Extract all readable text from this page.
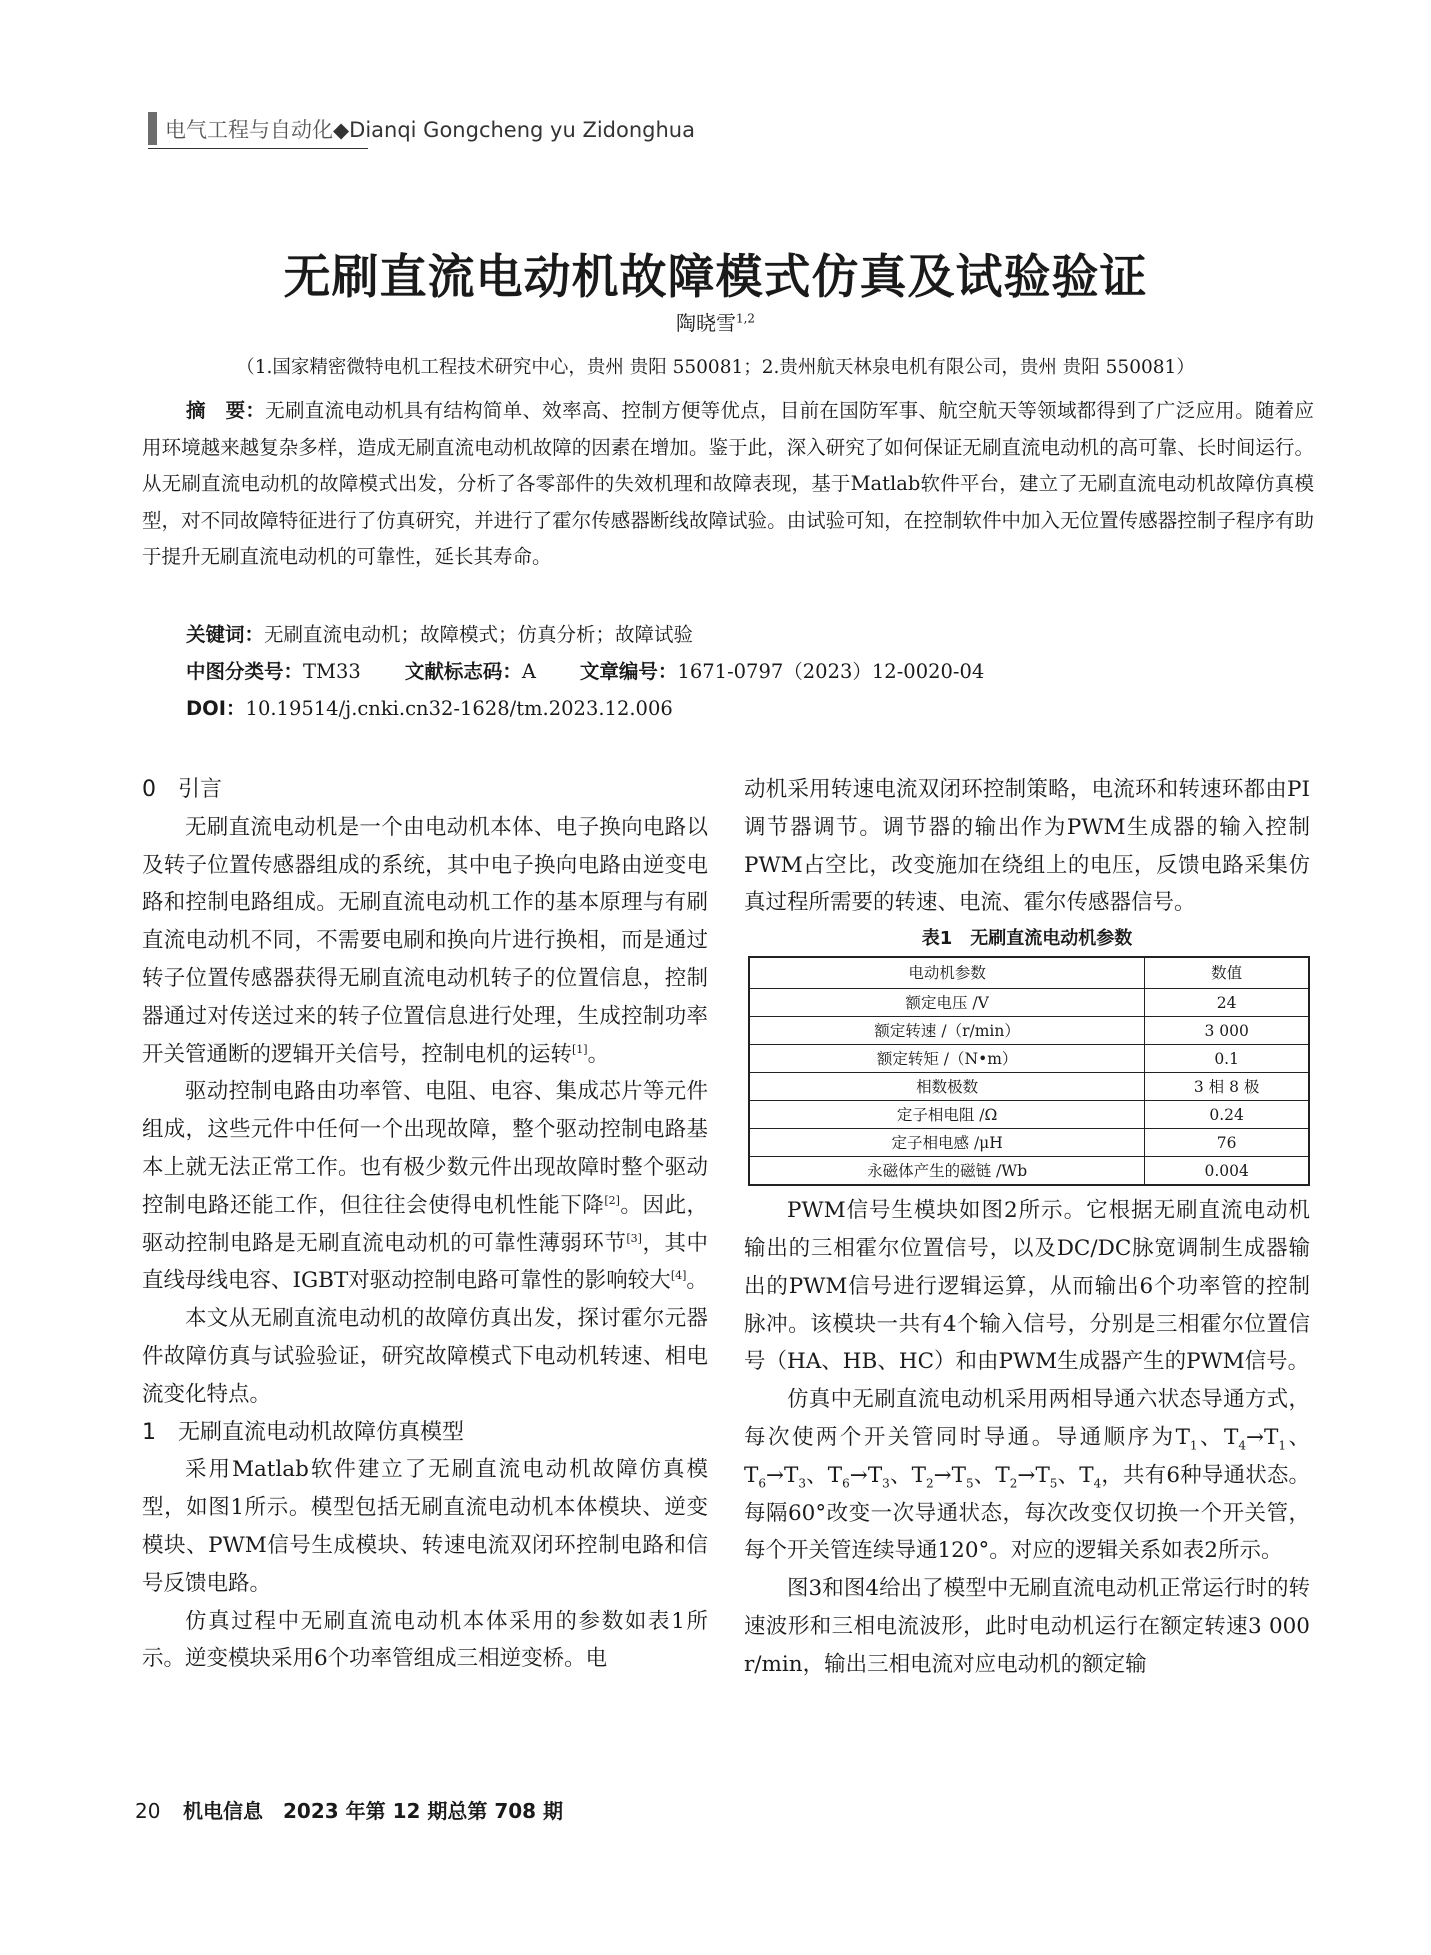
电气工程与自动化◆Dianqi Gongcheng yu Zidonghua
无刷直流电动机故障模式仿真及试验验证
陶晓雪$^{1,2}$
（1.国家精密微特电机工程技术研究中心，贵州 贵阳 550081；2.贵州航天林泉电机有限公司，贵州 贵阳 550081）

摘　要：无刷直流电动机具有结构简单、效率高、控制方便等优点，目前在国防军事、航空航天等领域都得到了广泛应用。随着应用环境越来越复杂多样，造成无刷直流电动机故障的因素在增加。鉴于此，深入研究了如何保证无刷直流电动机的高可靠、长时间运行。从无刷直流电动机的故障模式出发，分析了各零部件的失效机理和故障表现，基于Matlab软件平台，建立了无刷直流电动机故障仿真模型，对不同故障特征进行了仿真研究，并进行了霍尔传感器断线故障试验。由试验可知，在控制软件中加入无位置传感器控制子程序有助于提升无刷直流电动机的可靠性，延长其寿命。

关键词：无刷直流电动机；故障模式；仿真分析；故障试验
中图分类号：TM33 文献标志码：A 文章编号：1671-0797（2023）12-0020-04
DOI：10.19514/j.cnki.cn32-1628/tm.2023.12.006
0　引言

无刷直流电动机是一个由电动机本体、电子换向电路以及转子位置传感器组成的系统，其中电子换向电路由逆变电路和控制电路组成。无刷直流电动机工作的基本原理与有刷直流电动机不同，不需要电刷和换向片进行换相，而是通过转子位置传感器获得无刷直流电动机转子的位置信息，控制器通过对传送过来的转子位置信息进行处理，生成控制功率开关管通断的逻辑开关信号，控制电机的运转[1]。

驱动控制电路由功率管、电阻、电容、集成芯片等元件组成，这些元件中任何一个出现故障，整个驱动控制电路基本上就无法正常工作。也有极少数元件出现故障时整个驱动控制电路还能工作，但往往会使得电机性能下降[2]。因此，驱动控制电路是无刷直流电动机的可靠性薄弱环节[3]，其中直线母线电容、IGBT对驱动控制电路可靠性的影响较大[4]。

本文从无刷直流电动机的故障仿真出发，探讨霍尔元器件故障仿真与试验验证，研究故障模式下电动机转速、相电流变化特点。

1　无刷直流电动机故障仿真模型

采用Matlab软件建立了无刷直流电动机故障仿真模型，如图1所示。模型包括无刷直流电动机本体模块、逆变模块、PWM信号生成模块、转速电流双闭环控制电路和信号反馈电路。

仿真过程中无刷直流电动机本体采用的参数如表1所示。逆变模块采用6个功率管组成三相逆变桥。电

动机采用转速电流双闭环控制策略，电流环和转速环都由PI调节器调节。调节器的输出作为PWM生成器的输入控制PWM占空比，改变施加在绕组上的电压，反馈电路采集仿真过程所需要的转速、电流、霍尔传感器信号。

表1　无刷直流电动机参数
电动机参数	数值
额定电压 /V	24
额定转速 /（r/min）	3 000
额定转矩 /（N•m）	0.1
相数极数	3 相 8 极
定子相电阻 /Ω	0.24
定子相电感 /μH	76
永磁体产生的磁链 /Wb	0.004

PWM信号生模块如图2所示。它根据无刷直流电动机输出的三相霍尔位置信号，以及DC/DC脉宽调制生成器输出的PWM信号进行逻辑运算，从而输出6个功率管的控制脉冲。该模块一共有4个输入信号，分别是三相霍尔位置信号（HA、HB、HC）和由PWM生成器产生的PWM信号。

仿真中无刷直流电动机采用两相导通六状态导通方式，每次使两个开关管同时导通。导通顺序为$T_1$、$T_4\to T_1$、$T_6\to T_3$、$T_6\to T_3$、$T_2\to T_5$、$T_2\to T_5$、$T_4$，共有6种导通状态。每隔60°改变一次导通状态，每次改变仅切换一个开关管，每个开关管连续导通120°。对应的逻辑关系如表2所示。

图3和图4给出了模型中无刷直流电动机正常运行时的转速波形和三相电流波形，此时电动机运行在额定转速3 000 r/min，输出三相电流对应电动机的额定输

20 机电信息　 2023 年第 12 期总第 708 期
